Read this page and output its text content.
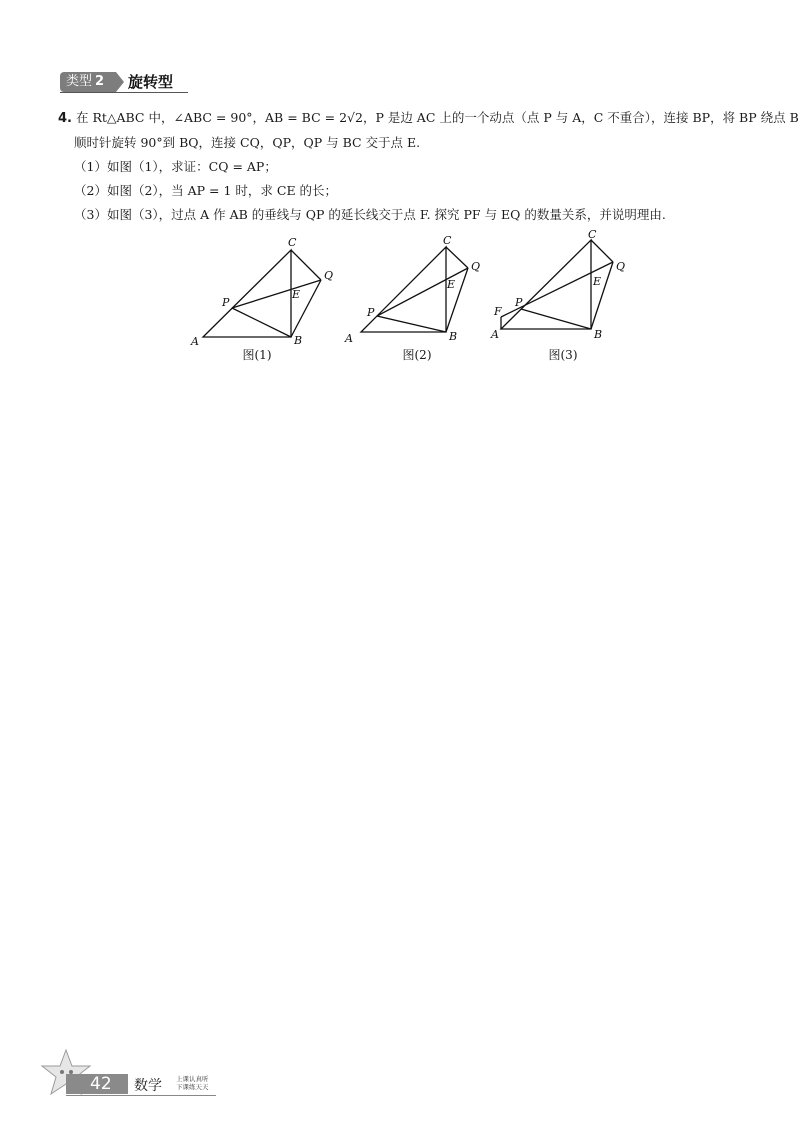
类型 2	旋转型
4. 在 Rt△ABC 中，∠ABC = 90°，AB = BC = 2√2，P 是边 AC 上的一个动点（点 P 与 A，C 不重合），连接 BP，将 BP 绕点 B
顺时针旋转 90°到 BQ，连接 CQ，QP，QP 与 BC 交于点 E.
（1）如图（1），求证：CQ = AP；
（2）如图（2），当 AP = 1 时，求 CE 的长；
（3）如图（3），过点 A 作 AB 的垂线与 QP 的延长线交于点 F. 探究 PF 与 EQ 的数量关系，并说明理由.
C
Q
P
E
A	B
图(1)
C
Q
E
P
A	B
图(2)
C
Q
F
P
E
A	B
图(3)
42	数学 上课认真听
下课练天天
